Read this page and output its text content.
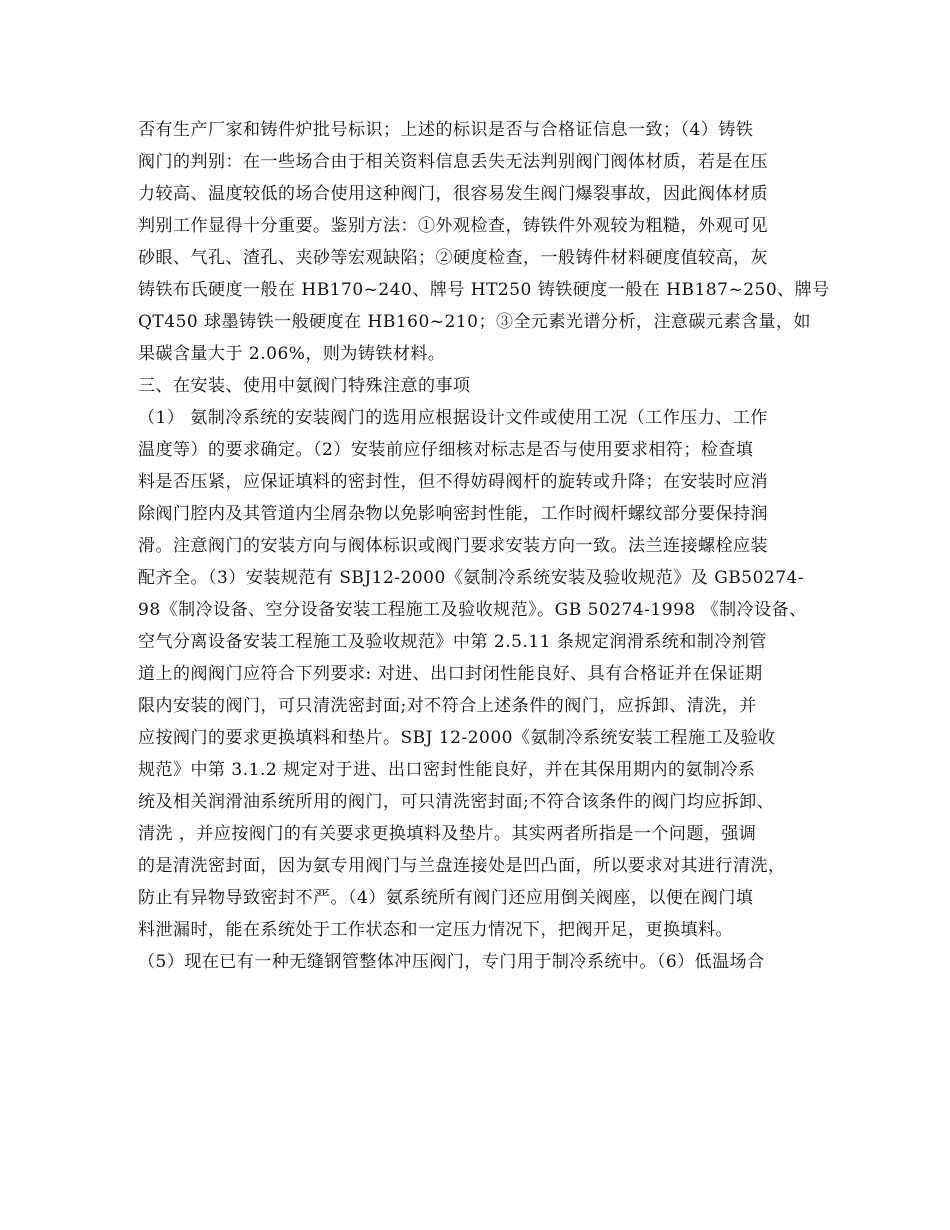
否有生产厂家和铸件炉批号标识；上述的标识是否与合格证信息一致；（4）铸铁
阀门的判别：在一些场合由于相关资料信息丢失无法判别阀门阀体材质，若是在压
力较高、温度较低的场合使用这种阀门，很容易发生阀门爆裂事故，因此阀体材质
判别工作显得十分重要。鉴别方法：①外观检查，铸铁件外观较为粗糙，外观可见
砂眼、气孔、渣孔、夹砂等宏观缺陷；②硬度检查，一般铸件材料硬度值较高，灰
铸铁布氏硬度一般在 HB170~240、牌号 HT250 铸铁硬度一般在 HB187~250、牌号
QT450 球墨铸铁一般硬度在 HB160~210；③全元素光谱分析，注意碳元素含量，如
果碳含量大于 2.06%，则为铸铁材料。
三、在安装、使用中氨阀门特殊注意的事项
（1） 氨制冷系统的安装阀门的选用应根据设计文件或使用工况（工作压力、工作
温度等）的要求确定。（2）安装前应仔细核对标志是否与使用要求相符；检查填
料是否压紧，应保证填料的密封性，但不得妨碍阀杆的旋转或升降；在安装时应消
除阀门腔内及其管道内尘屑杂物以免影响密封性能，工作时阀杆螺纹部分要保持润
滑。注意阀门的安装方向与阀体标识或阀门要求安装方向一致。法兰连接螺栓应装
配齐全。（3）安装规范有 SBJ12-2000《氨制冷系统安装及验收规范》及 GB50274-
98《制冷设备、空分设备安装工程施工及验收规范》。GB 50274-1998 《制冷设备、
空气分离设备安装工程施工及验收规范》中第 2.5.11 条规定润滑系统和制冷剂管
道上的阀阀门应符合下列要求: 对进、出口封闭性能良好、具有合格证并在保证期
限内安装的阀门，可只清洗密封面;对不符合上述条件的阀门，应拆卸、清洗，并
应按阀门的要求更换填料和垫片。SBJ 12-2000《氨制冷系统安装工程施工及验收
规范》中第 3.1.2 规定对于进、出口密封性能良好，并在其保用期内的氨制冷系
统及相关润滑油系统所用的阀门，可只清洗密封面;不符合该条件的阀门均应拆卸、
清洗 ，并应按阀门的有关要求更换填料及垫片。其实两者所指是一个问题，强调
的是清洗密封面，因为氨专用阀门与兰盘连接处是凹凸面，所以要求对其进行清洗，
防止有异物导致密封不严。（4）氨系统所有阀门还应用倒关阀座，以便在阀门填
料泄漏时，能在系统处于工作状态和一定压力情况下，把阀开足，更换填料。
（5）现在已有一种无缝钢管整体冲压阀门，专门用于制冷系统中。（6）低温场合
